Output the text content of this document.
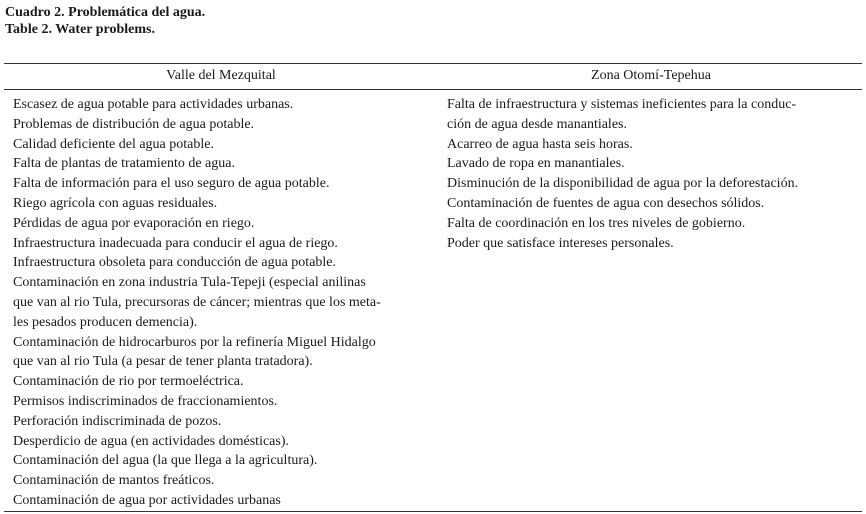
Cuadro 2. Problemática del agua.
Table 2. Water problems.
Valle del Mezquital	Zona Otomí-Tepehua
Escasez de agua potable para actividades urbanas.
Problemas de distribución de agua potable.
Calidad deficiente del agua potable.
Falta de plantas de tratamiento de agua.
Falta de información para el uso seguro de agua potable.
Riego agrícola con aguas residuales.
Pérdidas de agua por evaporación en riego.
Infraestructura inadecuada para conducir el agua de riego.
Infraestructura obsoleta para conducción de agua potable.
Contaminación en zona industria Tula-Tepeji (especial anilinas
que van al rio Tula, precursoras de cáncer; mientras que los meta-
les pesados producen demencia).
Contaminación de hidrocarburos por la refinería Miguel Hidalgo
que van al rio Tula (a pesar de tener planta tratadora).
Contaminación de rio por termoeléctrica.
Permisos indiscriminados de fraccionamientos.
Perforación indiscriminada de pozos.
Desperdicio de agua (en actividades domésticas).
Contaminación del agua (la que llega a la agricultura).
Contaminación de mantos freáticos.
Contaminación de agua por actividades urbanas
Falta de infraestructura y sistemas ineficientes para la conduc-
ción de agua desde manantiales.
Acarreo de agua hasta seis horas.
Lavado de ropa en manantiales.
Disminución de la disponibilidad de agua por la deforestación.
Contaminación de fuentes de agua con desechos sólidos.
Falta de coordinación en los tres niveles de gobierno.
Poder que satisface intereses personales.
